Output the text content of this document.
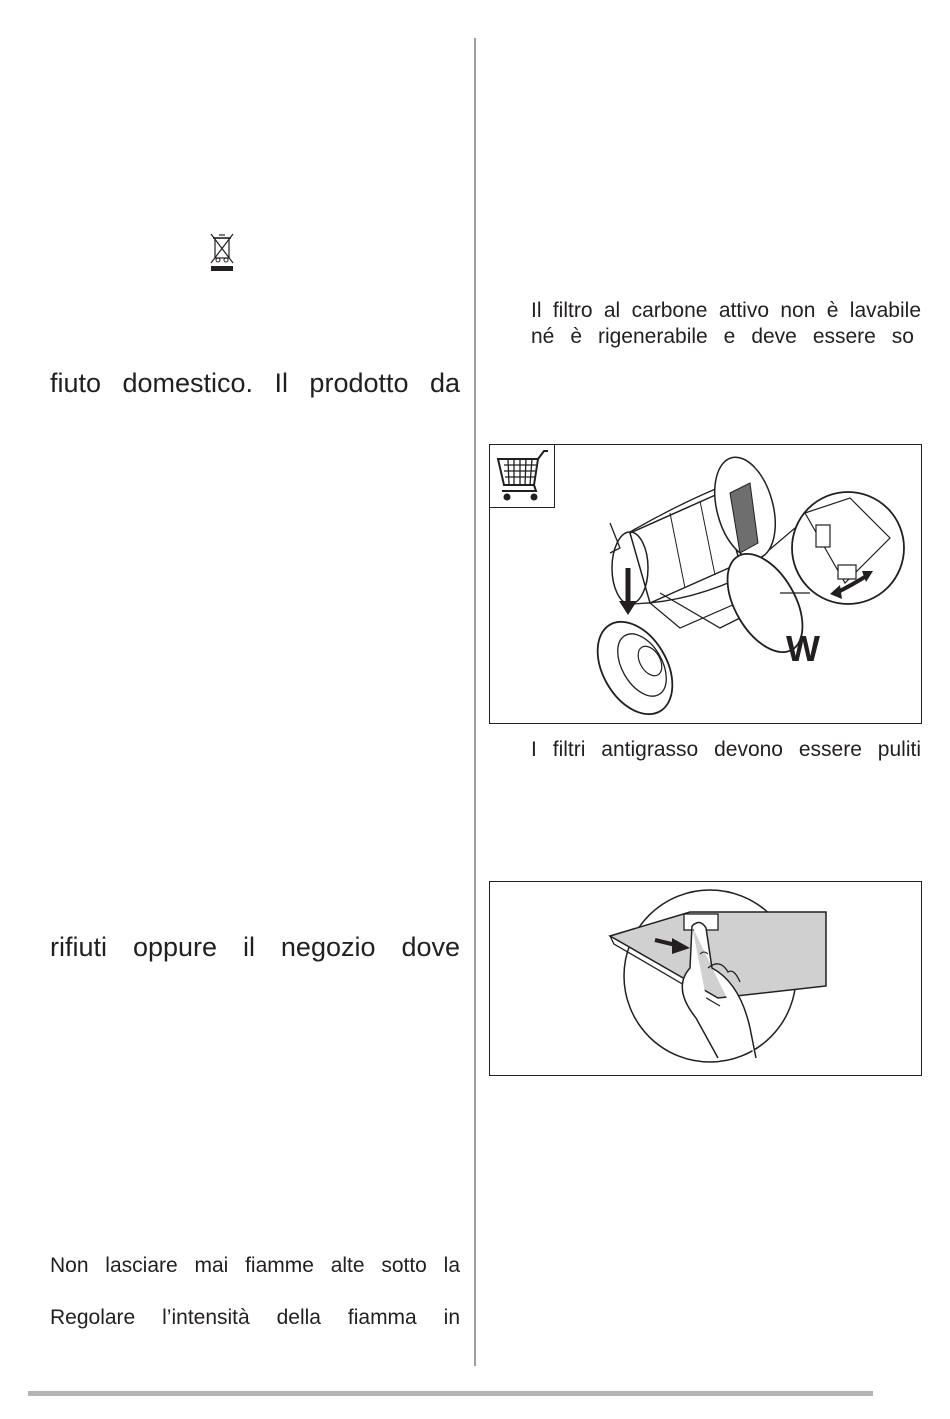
fiuto domestico. Il prodotto da
rifiuti oppure il negozio dove
Non lasciare mai fiamme alte sotto la
Regolare l’intensità della fiamma in
Il filtro al carbone attivo non è lavabile
né è rigenerabile e deve essere so
W
I filtri antigrasso devono essere puliti
